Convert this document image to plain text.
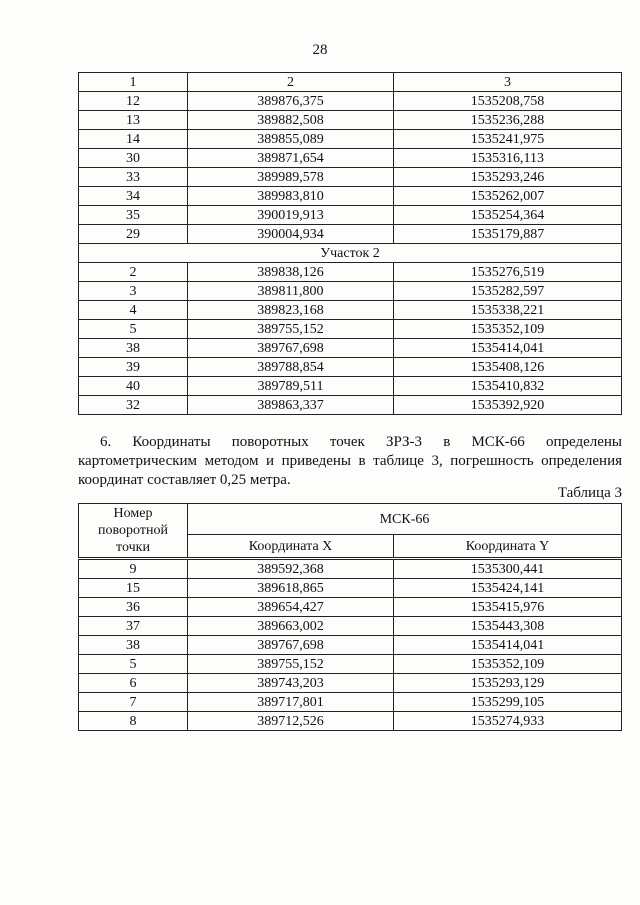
28
1	2	3
12	389876,375	1535208,758
13	389882,508	1535236,288
14	389855,089	1535241,975
30	389871,654	1535316,113
33	389989,578	1535293,246
34	389983,810	1535262,007
35	390019,913	1535254,364
29	390004,934	1535179,887
Участок 2		
2	389838,126	1535276,519
3	389811,800	1535282,597
4	389823,168	1535338,221
5	389755,152	1535352,109
38	389767,698	1535414,041
39	389788,854	1535408,126
40	389789,511	1535410,832
32	389863,337	1535392,920
6. Координаты поворотных точек ЗРЗ-3 в МСК-66 определены картометрическим методом и приведены в таблице 3, погрешность определения координат составляет 0,25 метра.
Таблица 3
Номер поворотной точки	МСК-66	
	Координата X	Координата Y
9	389592,368	1535300,441
15	389618,865	1535424,141
36	389654,427	1535415,976
37	389663,002	1535443,308
38	389767,698	1535414,041
5	389755,152	1535352,109
6	389743,203	1535293,129
7	389717,801	1535299,105
8	389712,526	1535274,933
